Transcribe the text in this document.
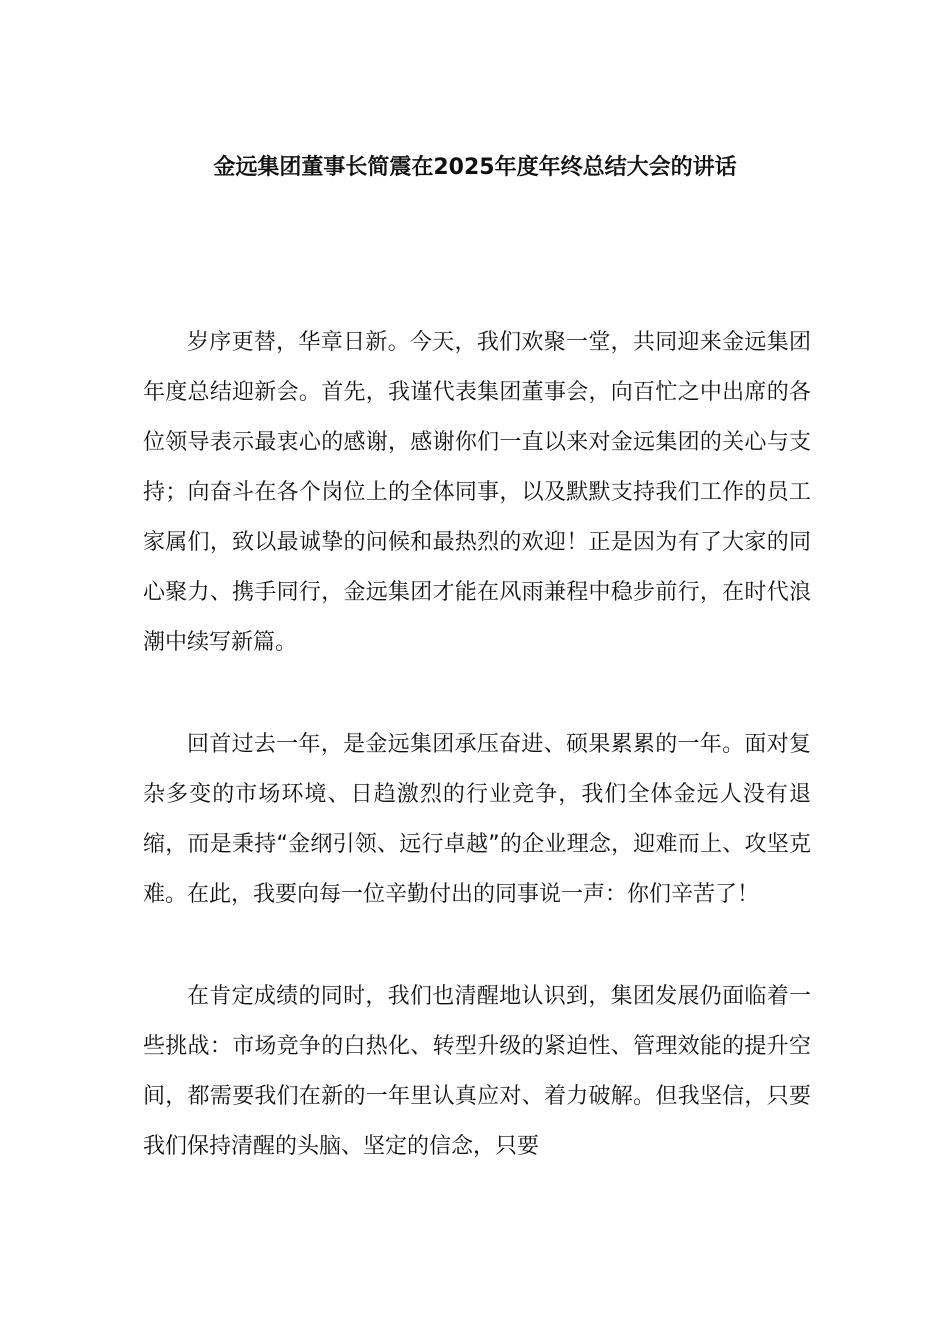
金远集团董事长简震在2025年度年终总结大会的讲话

岁序更替，华章日新。今天，我们欢聚一堂，共同迎来金远集团年度总结迎新会。首先，我谨代表集团董事会，向百忙之中出席的各位领导表示最衷心的感谢，感谢你们一直以来对金远集团的关心与支持；向奋斗在各个岗位上的全体同事，以及默默支持我们工作的员工家属们，致以最诚挚的问候和最热烈的欢迎！正是因为有了大家的同心聚力、携手同行，金远集团才能在风雨兼程中稳步前行，在时代浪潮中续写新篇。

回首过去一年，是金远集团承压奋进、硕果累累的一年。面对复杂多变的市场环境、日趋激烈的行业竞争，我们全体金远人没有退缩，而是秉持“金纲引领、远行卓越”的企业理念，迎难而上、攻坚克难。在此，我要向每一位辛勤付出的同事说一声：你们辛苦了！

在肯定成绩的同时，我们也清醒地认识到，集团发展仍面临着一些挑战：市场竞争的白热化、转型升级的紧迫性、管理效能的提升空间，都需要我们在新的一年里认真应对、着力破解。但我坚信，只要我们保持清醒的头脑、坚定的信念，只要
